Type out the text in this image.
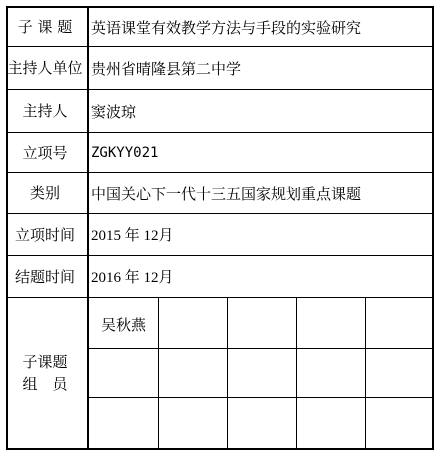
子 课 题
主持人单位
主持人
立项号
类别
立项时间
结题时间
子课题
组　员
英语课堂有效教学方法与手段的实验研究
贵州省晴隆县第二中学
窦波琼
ZGKYY021
中国关心下一代十三五国家规划重点课题
2015 年 12月
2016 年 12月
吴秋燕
